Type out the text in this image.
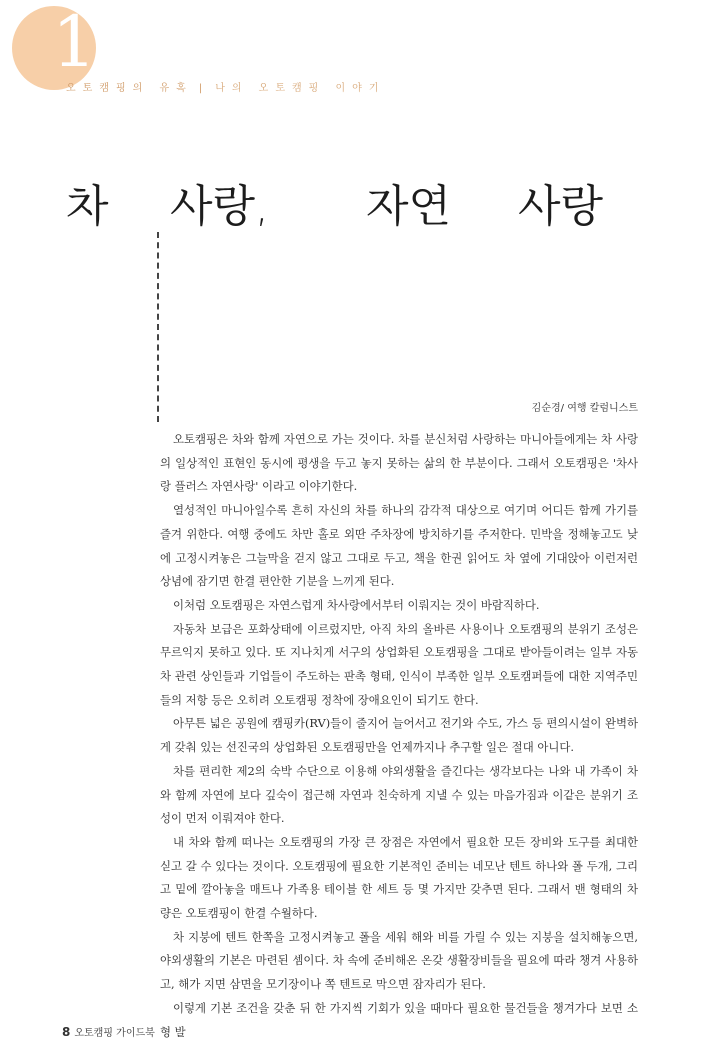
1
오토캠핑의 유혹 | 나의 오토캠핑 이야기
차 사랑, 자연 사랑
김순경/ 여행 칼럼니스트

오토캠핑은 차와 함께 자연으로 가는 것이다. 차를 분신처럼 사랑하는 마니아들에게는 차 사랑의 일상적인 표현인 동시에 평생을 두고 놓지 못하는 삶의 한 부분이다. 그래서 오토캠핑은 '차사랑 플러스 자연사랑' 이라고 이야기한다.

열성적인 마니아일수록 흔히 자신의 차를 하나의 감각적 대상으로 여기며 어디든 함께 가기를 즐겨 위한다. 여행 중에도 차만 홀로 외딴 주차장에 방치하기를 주저한다. 민박을 정해놓고도 낮에 고정시켜놓은 그늘막을 걷지 않고 그대로 두고, 책을 한권 읽어도 차 옆에 기대앉아 이런저런 상념에 잠기면 한결 편안한 기분을 느끼게 된다.

이처럼 오토캠핑은 자연스럽게 차사랑에서부터 이뤄지는 것이 바람직하다.

자동차 보급은 포화상태에 이르렀지만, 아직 차의 올바른 사용이나 오토캠핑의 분위기 조성은 무르익지 못하고 있다. 또 지나치게 서구의 상업화된 오토캠핑을 그대로 받아들이려는 일부 자동차 관련 상인들과 기업들이 주도하는 판촉 형태, 인식이 부족한 일부 오토캠퍼들에 대한 지역주민들의 저항 등은 오히려 오토캠핑 정착에 장애요인이 되기도 한다.

아무튼 넓은 공원에 캠핑카(RV)들이 줄지어 늘어서고 전기와 수도, 가스 등 편의시설이 완벽하게 갖춰 있는 선진국의 상업화된 오토캠핑만을 언제까지나 추구할 일은 절대 아니다.

차를 편리한 제2의 숙박 수단으로 이용해 야외생활을 즐긴다는 생각보다는 나와 내 가족이 차와 함께 자연에 보다 깊숙이 접근해 자연과 친숙하게 지낼 수 있는 마음가짐과 이같은 분위기 조성이 먼저 이뤄져야 한다.

내 차와 함께 떠나는 오토캠핑의 가장 큰 장점은 자연에서 필요한 모든 장비와 도구를 최대한 싣고 갈 수 있다는 것이다. 오토캠핑에 필요한 기본적인 준비는 네모난 텐트 하나와 폴 두개, 그리고 밑에 깔아놓을 매트나 가족용 테이블 한 세트 등 몇 가지만 갖추면 된다. 그래서 밴 형태의 차량은 오토캠핑이 한결 수월하다.

차 지붕에 텐트 한쪽을 고정시켜놓고 폴을 세워 해와 비를 가릴 수 있는 지붕을 설치해놓으면, 야외생활의 기본은 마련된 셈이다. 차 속에 준비해온 온갖 생활장비들을 필요에 따라 챙겨 사용하고, 해가 지면 삼면을 모기장이나 쪽 텐트로 막으면 잠자리가 된다.

이렇게 기본 조건을 갖춘 뒤 한 가지씩 기회가 있을 때마다 필요한 물건들을 챙겨가다 보면 소형 발

8 오토캠핑 가이드북
